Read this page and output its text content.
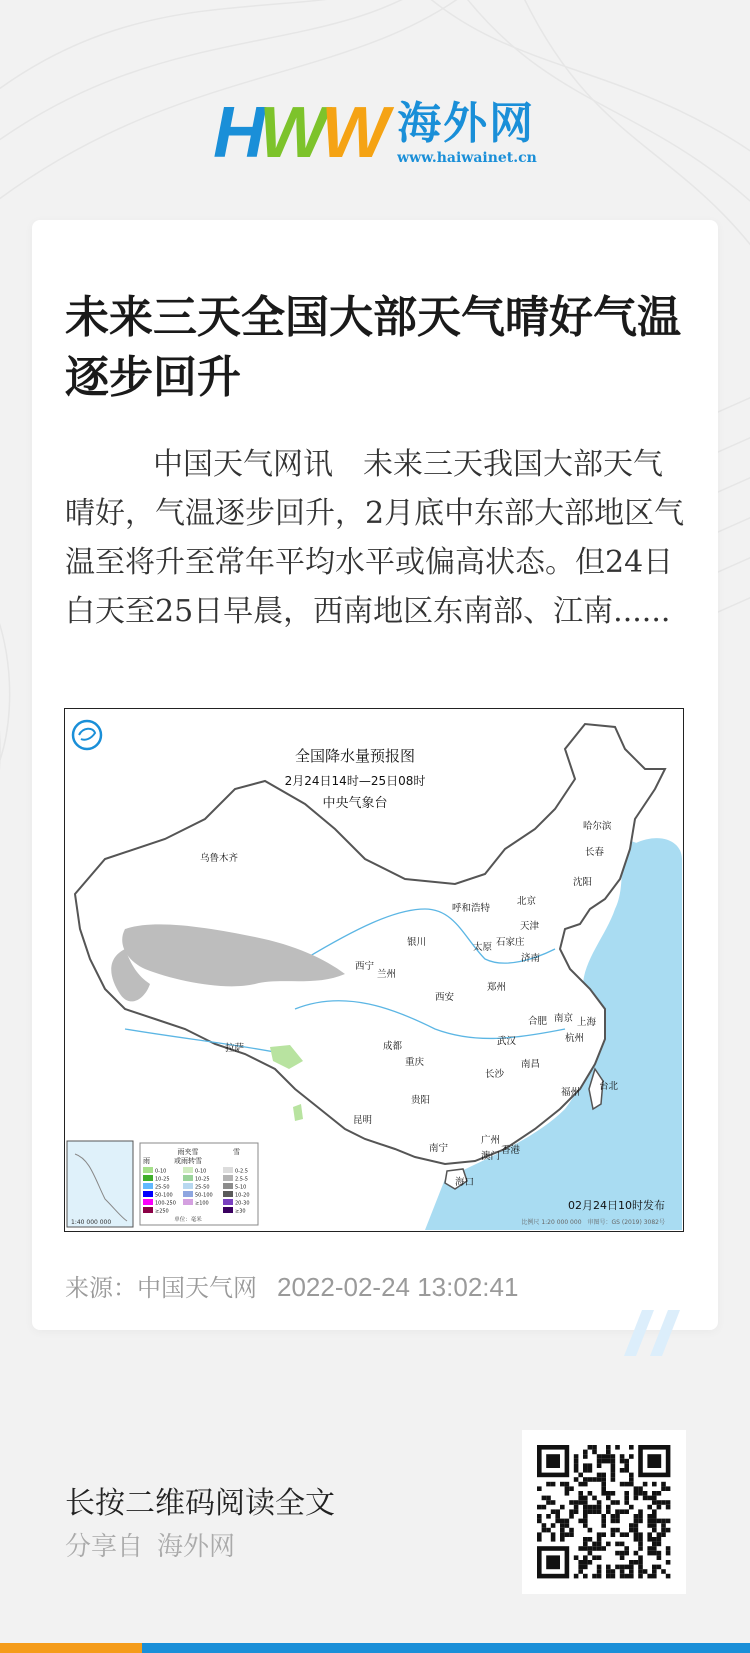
HWW 海外网
www.haiwainet.cn
未来三天全国大部天气晴好气温逐步回升

中国天气网讯　未来三天我国大部天气晴好，气温逐步回升，2月底中东部大部地区气温至将升至常年平均水平或偏高状态。但24日白天至25日早晨，西南地区东南部、江南......

全国降水量预报图
2月24日14时—25日08时
中央气象台
哈尔滨
长春
沈阳
乌鲁木齐
北京
天津
呼和浩特
银川	太原 石家庄
济南
西宁
兰州
郑州
西安
合肥 南京 上海
杭州
武汉
成都
拉萨
重庆
长沙
南昌
福州
台北
贵阳
昆明
南宁
广州
澳门
香港
海口
1:40 000 000
雨夹雪
或雨转雪
雪
雨
0-10
10-25
25-50
50-100
100-250
≥250
0-10
10-25
25-50
50-100
≥100
0-2.5
2.5-5
5-10
10-20
20-30
≥30
单位：毫米
02月24日10时发布
比例尺 1:20 000 000　审图号：GS (2019) 3082号
来源：中国天气网 2022-02-24 13:02:41
长按二维码阅读全文
分享自 海外网
